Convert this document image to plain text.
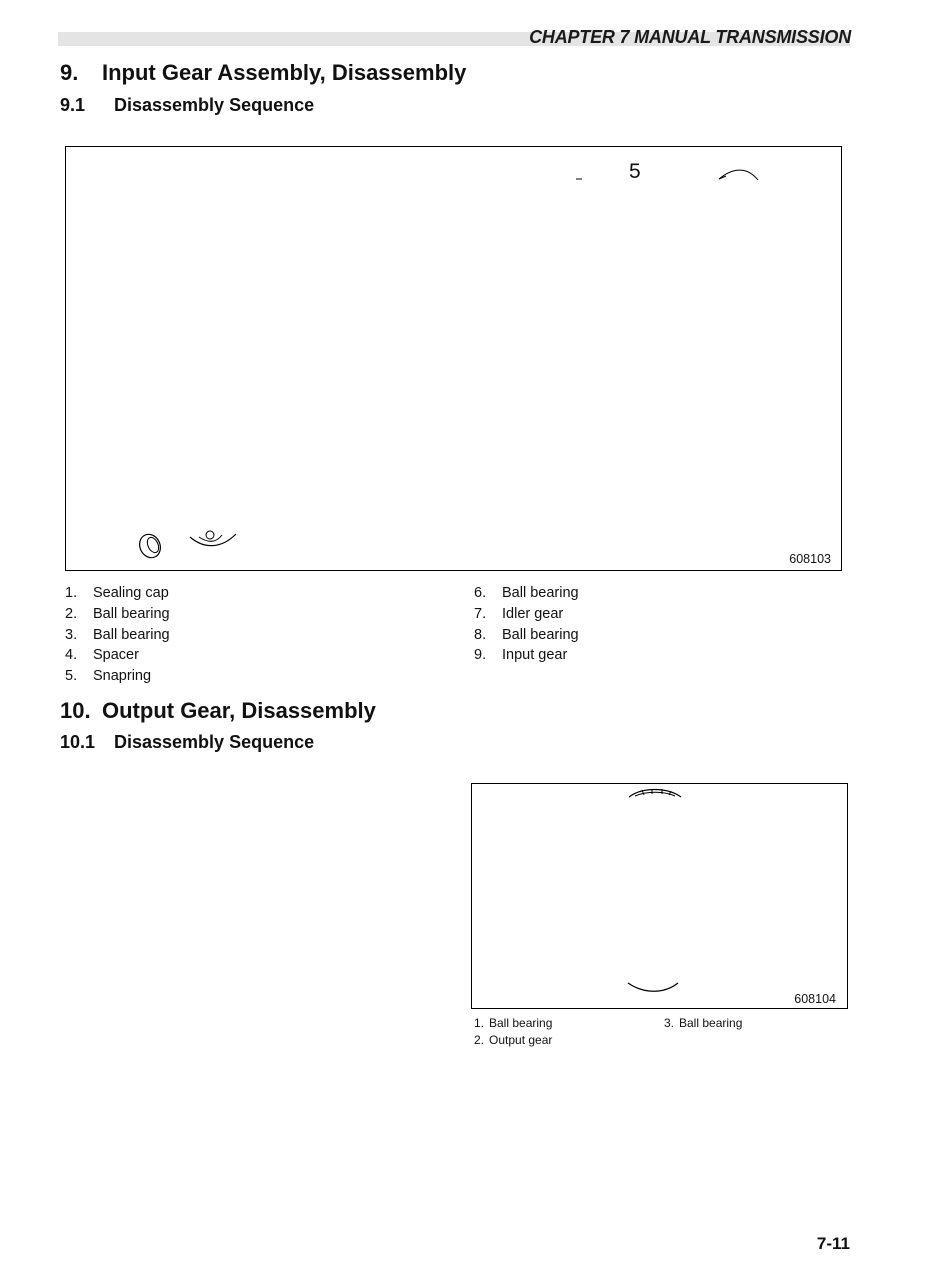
CHAPTER 7 MANUAL TRANSMISSION
9. Input Gear Assembly, Disassembly
9.1 Disassembly Sequence
5
608103
1. Sealing cap
2. Ball bearing
3. Ball bearing
4. Spacer
5. Snapring
6. Ball bearing
7. Idler gear
8. Ball bearing
9. Input gear
10. Output Gear, Disassembly
10.1 Disassembly Sequence
608104
1. Ball bearing
2. Output gear
3. Ball bearing
7-11
